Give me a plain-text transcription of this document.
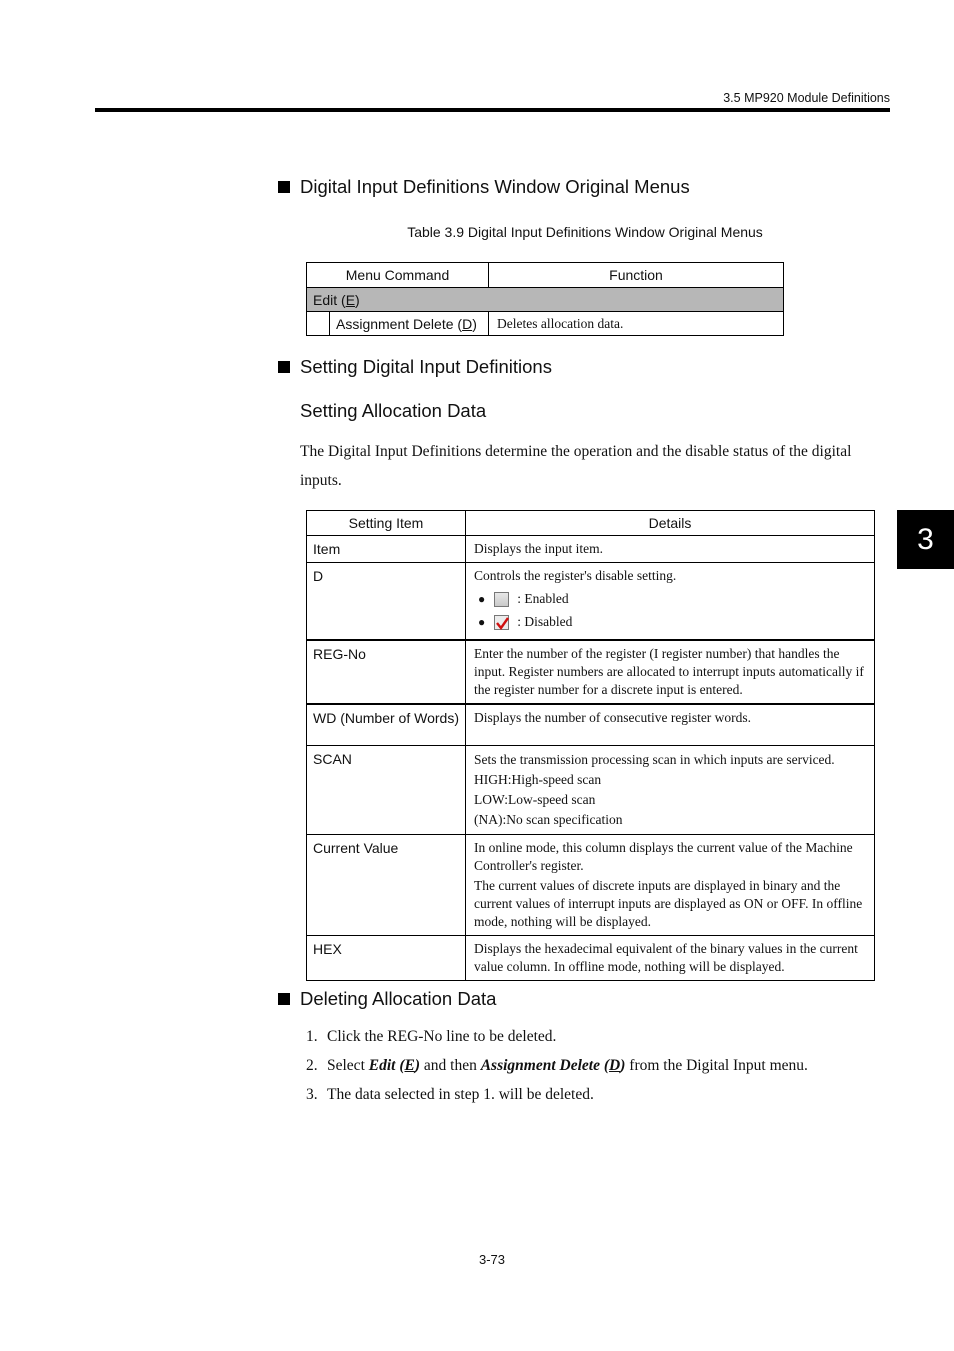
3.5 MP920 Module Definitions
3
Digital Input Definitions Window Original Menus
Table 3.9 Digital Input Definitions Window Original Menus
Menu Command		Function
Edit (E)		
	Assignment Delete (D)	Deletes allocation data.
Setting Digital Input Definitions
Setting Allocation Data
The Digital Input Definitions determine the operation and the disable status of the digital inputs.
Setting Item	Details
Item	Displays the input item.
D	Controls the register's disable setting.
● : Enabled
● : Disabled

REG-No	Enter the number of the register (I register number) that handles the input. Register numbers are allocated to interrupt inputs automatically if the register number for a discrete input is entered.
WD (Number of Words)	Displays the number of consecutive register words.
SCAN	Sets the transmission processing scan in which inputs are serviced.
HIGH:High-speed scan
LOW:Low-speed scan
(NA):No scan specification

Current Value	In online mode, this column displays the current value of the Machine Controller's register.
The current values of discrete inputs are displayed in binary and the current values of interrupt inputs are displayed as ON or OFF. In offline mode, nothing will be displayed.

HEX	Displays the hexadecimal equivalent of the binary values in the current value column. In offline mode, nothing will be displayed.
Deleting Allocation Data
1. Click the REG-No line to be deleted.
2. Select Edit (E) and then Assignment Delete (D) from the Digital Input menu.
3. The data selected in step 1. will be deleted.
3-73
